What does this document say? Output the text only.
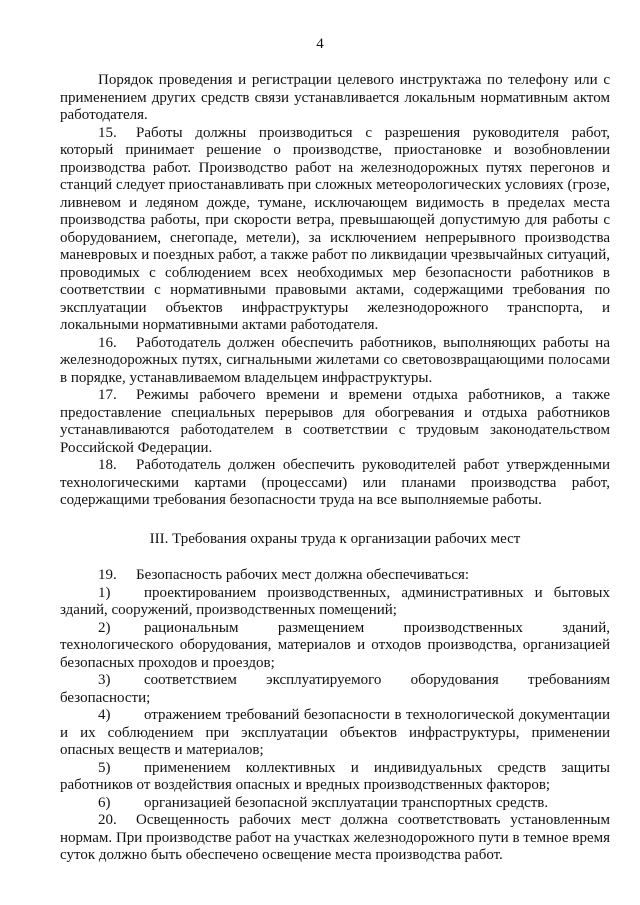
4

Порядок проведения и регистрации целевого инструктажа по телефону или с применением других средств связи устанавливается локальным нормативным актом работодателя.

15. Работы должны производиться с разрешения руководителя работ, который принимает решение о производстве, приостановке и возобновлении производства работ. Производство работ на железнодорожных путях перегонов и станций следует приостанавливать при сложных метеорологических условиях (грозе, ливневом и ледяном дожде, тумане, исключающем видимость в пределах места производства работы, при скорости ветра, превышающей допустимую для работы с оборудованием, снегопаде, метели), за исключением непрерывного производства маневровых и поездных работ, а также работ по ликвидации чрезвычайных ситуаций, проводимых с соблюдением всех необходимых мер безопасности работников в соответствии с нормативными правовыми актами, содержащими требования по эксплуатации объектов инфраструктуры железнодорожного транспорта, и локальными нормативными актами работодателя.

16. Работодатель должен обеспечить работников, выполняющих работы на железнодорожных путях, сигнальными жилетами со световозвращающими полосами в порядке, устанавливаемом владельцем инфраструктуры.

17. Режимы рабочего времени и времени отдыха работников, а также предоставление специальных перерывов для обогревания и отдыха работников устанавливаются работодателем в соответствии с трудовым законодательством Российской Федерации.

18. Работодатель должен обеспечить руководителей работ утвержденными технологическими картами (процессами) или планами производства работ, содержащими требования безопасности труда на все выполняемые работы.

III. Требования охраны труда к организации рабочих мест

19. Безопасность рабочих мест должна обеспечиваться:

1) проектированием производственных, административных и бытовых зданий, сооружений, производственных помещений;

2) рациональным размещением производственных зданий, технологического оборудования, материалов и отходов производства, организацией безопасных проходов и проездов;

3) соответствием эксплуатируемого оборудования требованиям безопасности;

4) отражением требований безопасности в технологической документации и их соблюдением при эксплуатации объектов инфраструктуры, применении опасных веществ и материалов;

5) применением коллективных и индивидуальных средств защиты работников от воздействия опасных и вредных производственных факторов;

6) организацией безопасной эксплуатации транспортных средств.

20. Освещенность рабочих мест должна соответствовать установленным нормам. При производстве работ на участках железнодорожного пути в темное время суток должно быть обеспечено освещение места производства работ.
